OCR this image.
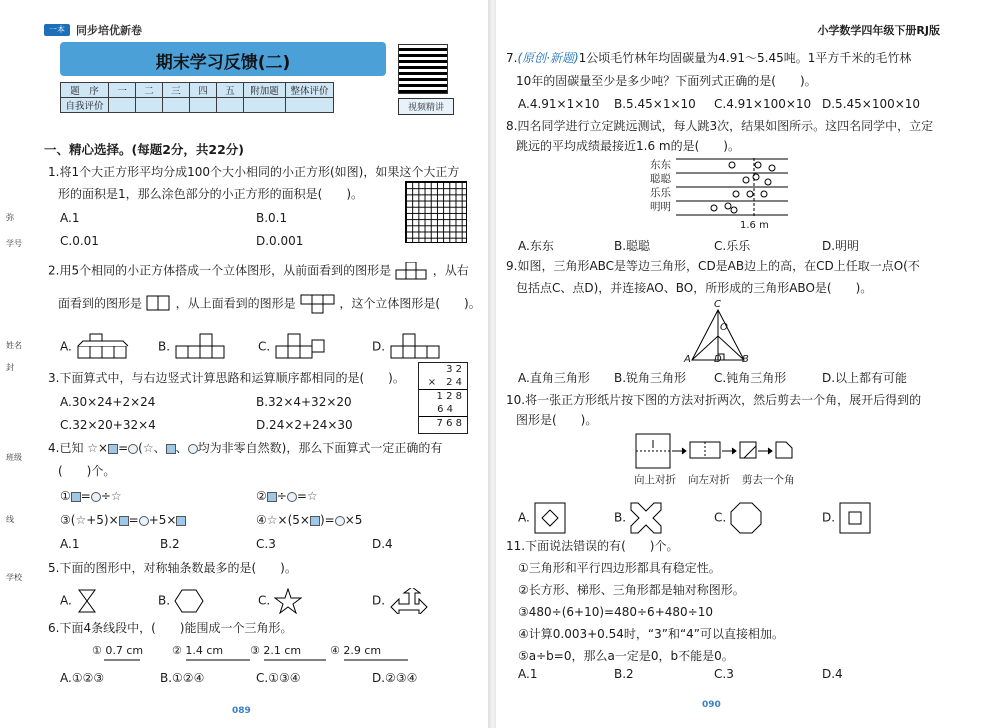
弥
学号
姓名
封
班级
线
学校
一本	同步培优新卷
期末学习反馈(二)
题　序	一	二	三	四	五	附加题	整体评价
自我评价								视频精讲
一、精心选择。(每题2分，共22分)
1.将1个大正方形平均分成100个大小相同的小正方形(如图)，如果这个大正方
形的面积是1，那么涂色部分的小正方形的面积是(　　)。
A.1	B.0.1
C.0.01	D.0.001
2.用5个相同的小正方体搭成一个立体图形，从前面看到的图形是	，从右
面看到的图形是	，从上面看到的图形是	，这个立体图形是(　　)。
A.	B.	C.	D.
3.下面算式中，与右边竖式计算思路和运算顺序都相同的是(　　)。
A.30×24+2×24	B.32×4+32×20
C.32×20+32×4	D.24×2+24×30
3 2
×　2 4
1 2 8
6 4
7 6 8
4.已知 ☆× = (☆、 、 均为非零自然数)，那么下面算式一定正确的有
(　　)个。
① = ÷☆	② ÷ =☆
③(☆+5)× = +5×	④☆×(5× )= ×5
A.1	B.2	C.3	D.4
5.下面的图形中，对称轴条数最多的是(　　)。
A.	B.	C.	D.
6.下面4条线段中，(　　)能围成一个三角形。
① 0.7 cm	② 1.4 cm ③ 2.1 cm	④ 2.9 cm
A.①②③	B.①②④	C.①③④	D.②③④
089
小学数学四年级下册RJ版
7.(原创·新题)1公顷毛竹林年均固碳量为4.91～5.45吨。1平方千米的毛竹林
10年的固碳量至少是多少吨？下面列式正确的是(　　)。
A.4.91×1×10 B.5.45×1×10 C.4.91×100×10 D.5.45×100×10
8.四名同学进行立定跳远测试，每人跳3次，结果如图所示。这四名同学中，立定
跳远的平均成绩最接近1.6 m的是(　　)。
东东
聪聪
乐乐
明明
1.6 m
A.东东	B.聪聪	C.乐乐	D.明明
9.如图，三角形ABC是等边三角形，CD是AB边上的高，在CD上任取一点O(不
包括点C、点D)，并连接AO、BO，所形成的三角形ABO是(　　)。
C
O
A D B
A.直角三角形 B.锐角三角形 C.钝角三角形	D.以上都有可能
10.将一张正方形纸片按下图的方法对折两次，然后剪去一个角，展开后得到的
图形是(　　)。
向上对折 向左对折 剪去一个角
A.	B.	C.	D.
11.下面说法错误的有(　　)个。
①三角形和平行四边形都具有稳定性。
②长方形、梯形、三角形都是轴对称图形。
③480÷(6+10)=480÷6+480÷10
④计算0.003+0.54时，“3”和“4”可以直接相加。
⑤a÷b=0，那么a一定是0，b不能是0。
A.1	B.2	C.3	D.4
090
